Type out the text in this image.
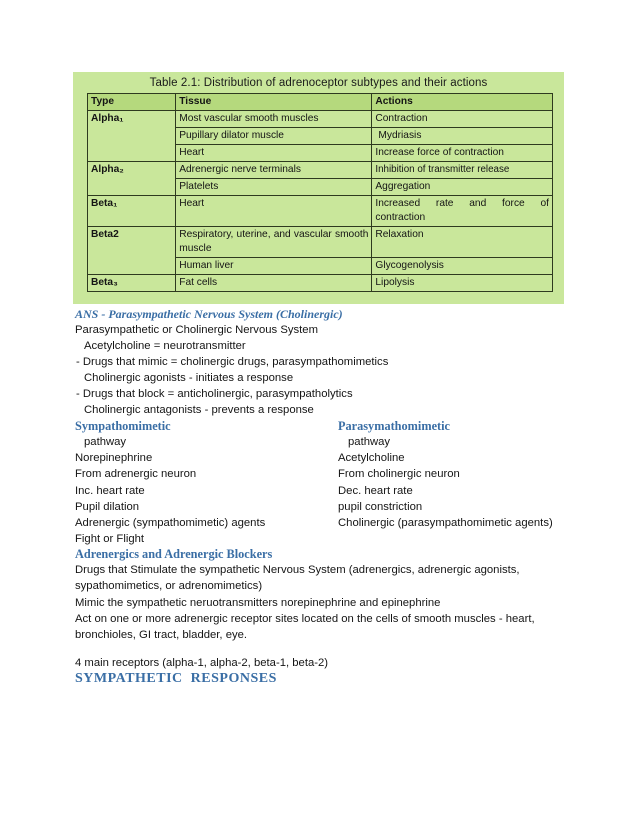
Table 2.1: Distribution of adrenoceptor subtypes and their actions
Type	Tissue	Actions
Alpha₁	Most vascular smooth muscles	Contraction
	Pupillary dilator muscle	Mydriasis
	Heart	Increase force of contraction
Alpha₂	Adrenergic nerve terminals	Inhibition of transmitter release
	Platelets	Aggregation
Beta₁	Heart	Increased rate and force of contraction
Beta2	Respiratory, uterine, and vascular smooth muscle	Relaxation
	Human liver	Glycogenolysis
Beta₃	Fat cells	Lipolysis
ANS - Parasympathetic Nervous System (Cholinergic)
Parasympathetic or Cholinergic Nervous System
Acetylcholine = neurotransmitter
- Drugs that mimic = cholinergic drugs, parasympathomimetics
Cholinergic agonists - initiates a response
- Drugs that block = anticholinergic, parasympatholytics
Cholinergic antagonists - prevents a response
Sympathomimetic	Parasymathomimetic
pathway	pathway
Norepinephrine	Acetylcholine
From adrenergic neuron	From cholinergic neuron
Inc. heart rate	Dec. heart rate
Pupil dilation	pupil constriction
Adrenergic (sympathomimetic) agents	Cholinergic (parasympathomimetic agents)
Fight or Flight
Adrenergics and Adrenergic Blockers
Drugs that Stimulate the sympathetic Nervous System (adrenergics, adrenergic agonists,
sypathomimetics, or adrenomimetics)
Mimic the sympathetic neruotransmitters norepinephrine and epinephrine
Act on one or more adrenergic receptor sites located on the cells of smooth muscles - heart,
bronchioles, GI tract, bladder, eye.
4 main receptors (alpha-1, alpha-2, beta-1, beta-2)
SYMPATHETIC  RESPONSES
